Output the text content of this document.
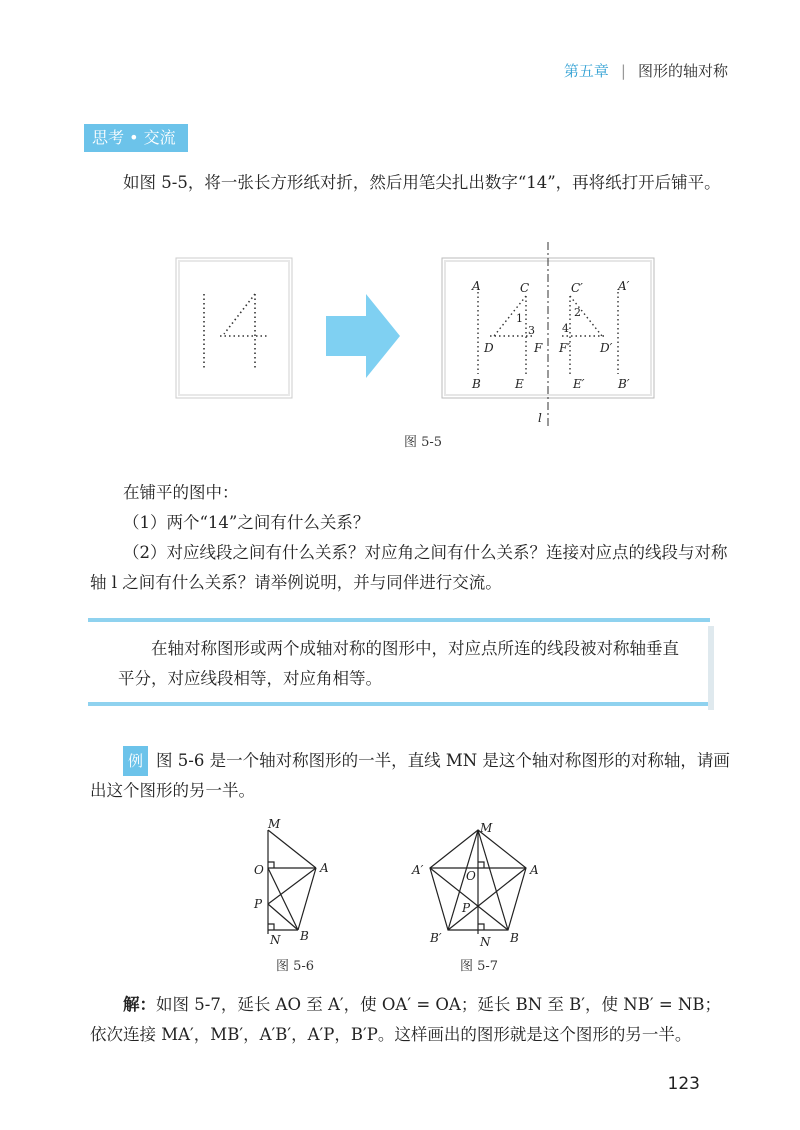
第五章 | 图形的轴对称
思考 • 交流
如图 5-5，将一张长方形纸对折，然后用笔尖扎出数字“14”，再将纸打开后铺平。
A	C
B	E
D	F
C′	A′
B′
E′
D′
F′
l
1
3
2
4
图 5-5
在铺平的图中：
（1）两个“14”之间有什么关系？
（2）对应线段之间有什么关系？对应角之间有什么关系？连接对应点的线段与对称轴 l 之间有什么关系？请举例说明，并与同伴进行交流。
在轴对称图形或两个成轴对称的图形中，对应点所连的线段被对称轴垂直平分，对应线段相等，对应角相等。
例 图 5-6 是一个轴对称图形的一半，直线 MN 是这个轴对称图形的对称轴，请画出这个图形的另一半。
M
O	A
P
N B
图 5-6
M
A′	O	A
P
B′	N B
图 5-7
解：如图 5-7，延长 AO 至 A′，使 OA′ = OA；延长 BN 至 B′，使 NB′ = NB；依次连接 MA′，MB′，A′B′，A′P，B′P。这样画出的图形就是这个图形的另一半。
123
